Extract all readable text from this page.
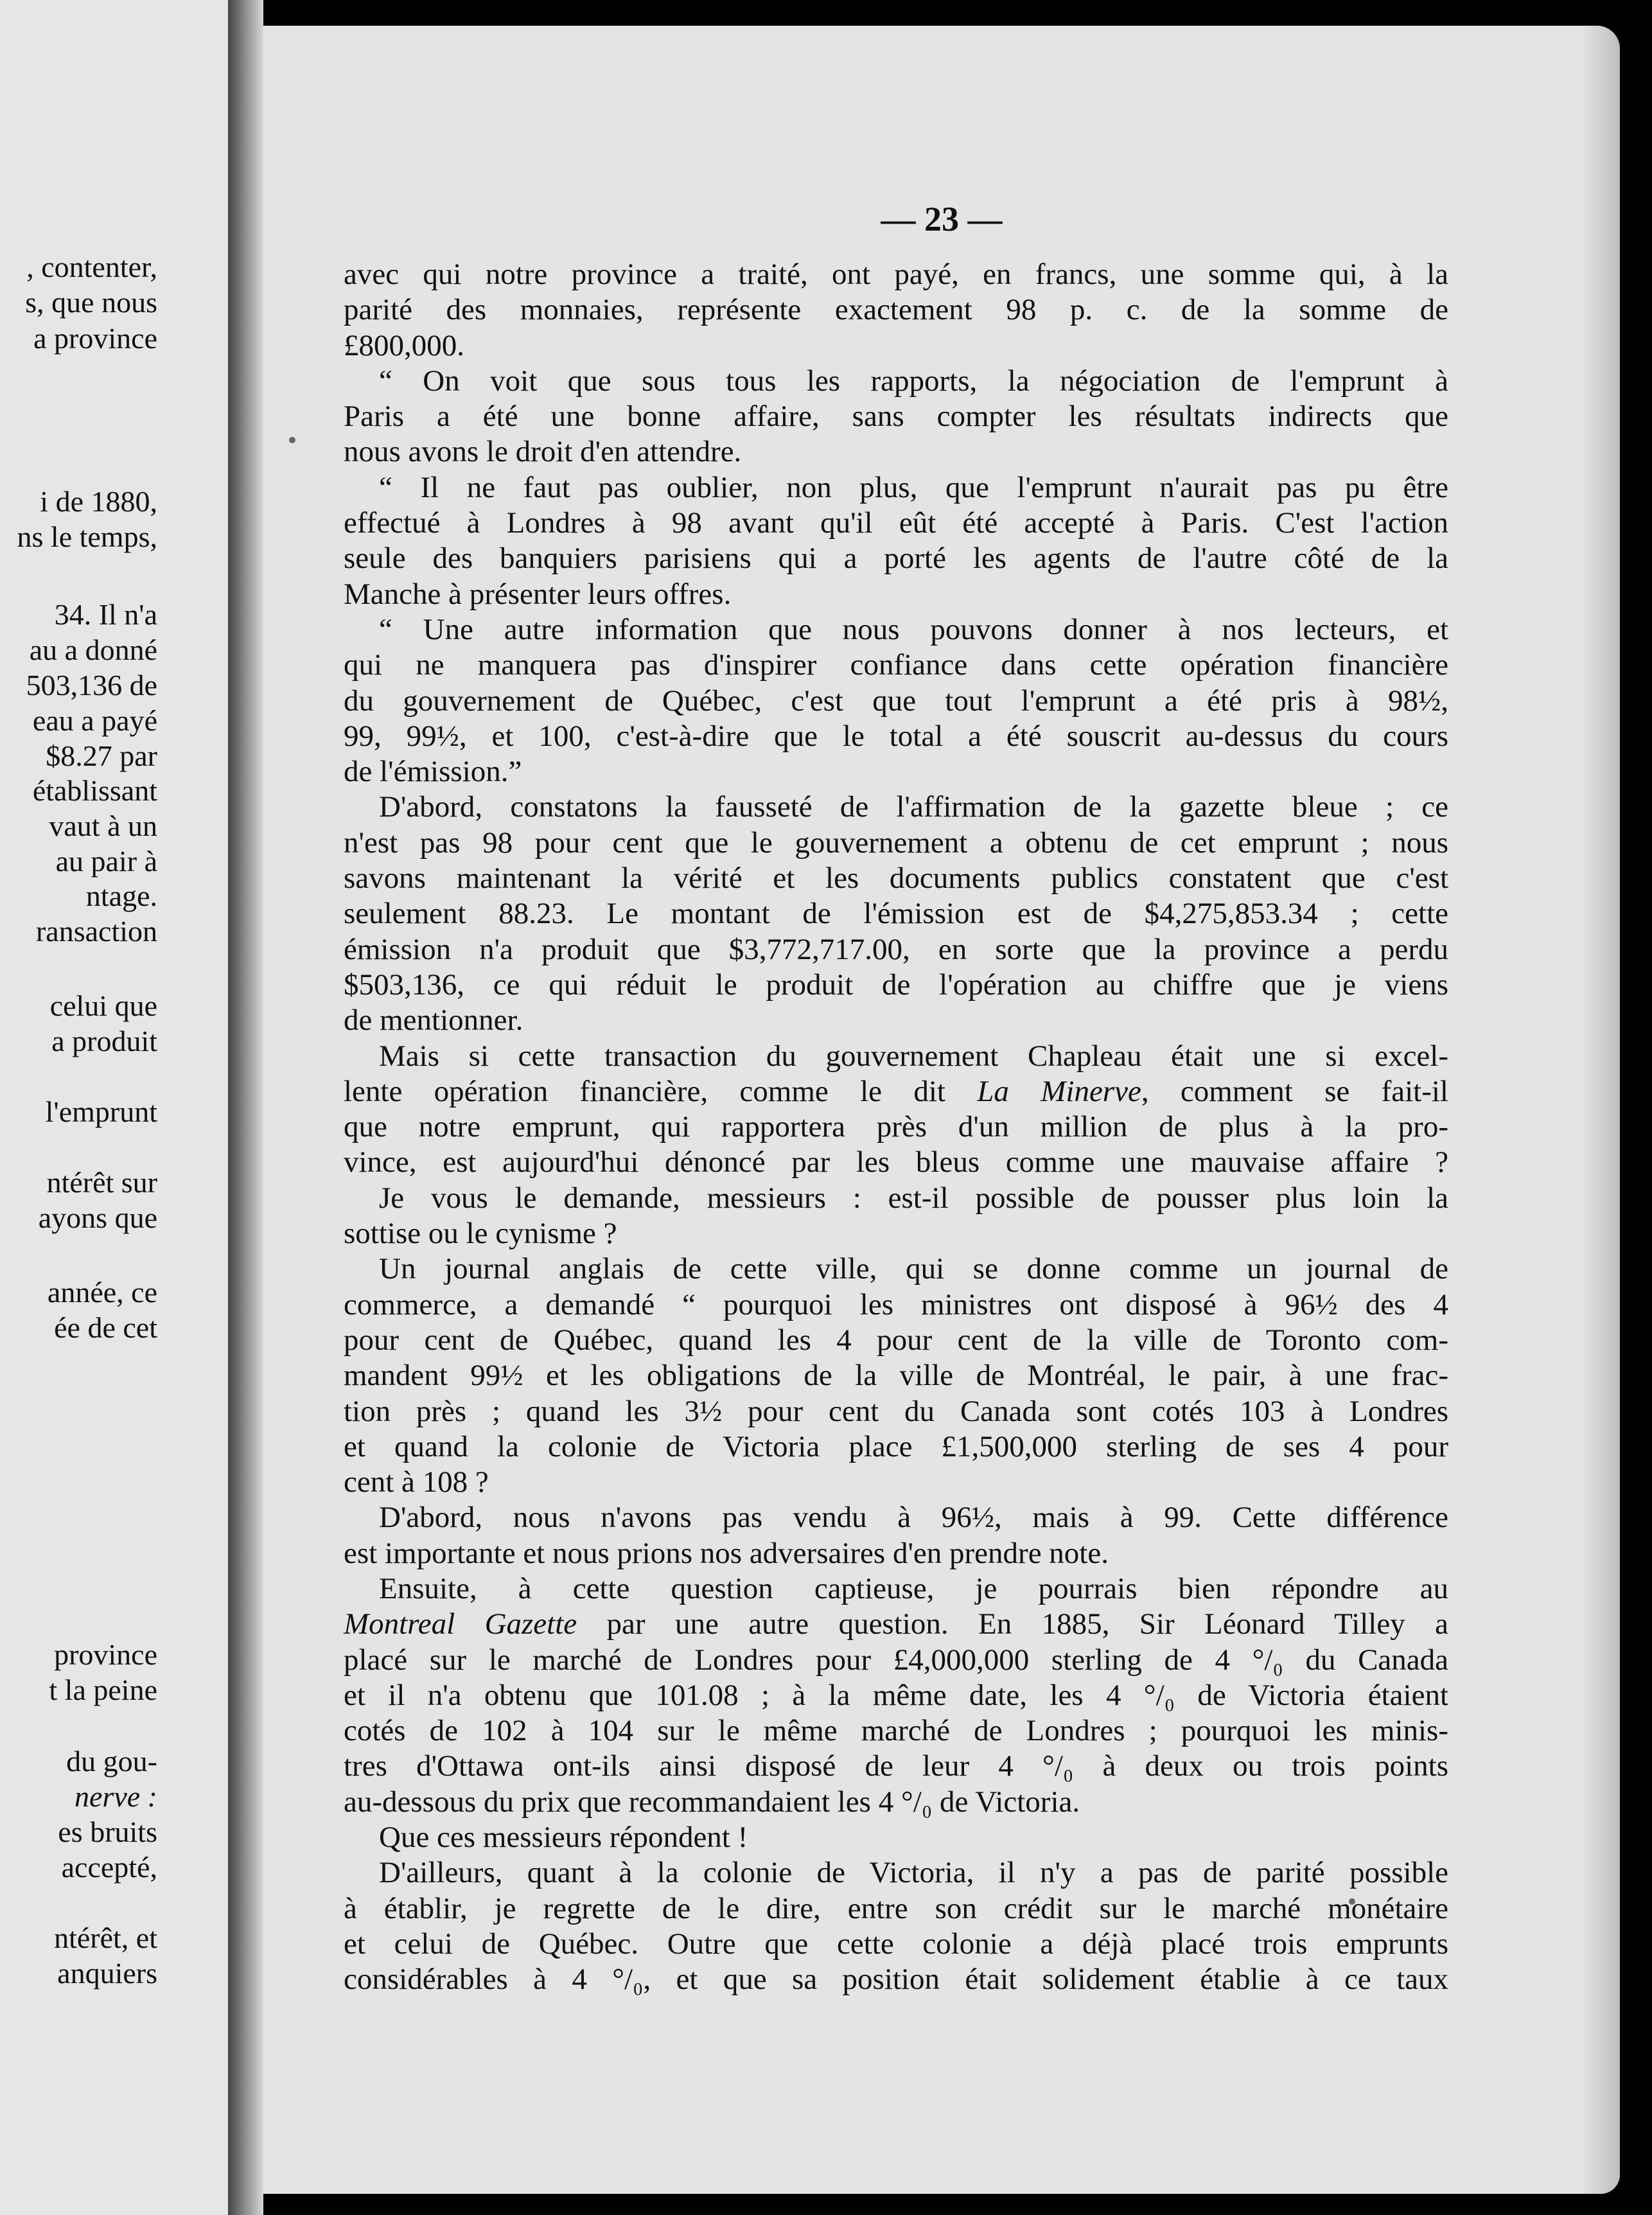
, contenter,
s, que nous
a province
i de 1880,
ns le temps,
34. Il n'a
au a donné
503,136 de
eau a payé
$8.27 par
établissant
vaut à un
au pair à
ntage.
ransaction
celui que
a produit
l'emprunt
ntérêt sur
ayons que
année, ce
ée de cet
province
t la peine
du gou-
nerve :
es bruits
accepté,
ntérêt, et
anquiers
— 23 —
avec qui notre province a traité, ont payé, en francs, une somme qui, à la
parité des monnaies, représente exactement 98 p. c. de la somme de
£800,000.
“ On voit que sous tous les rapports, la négociation de l'emprunt à
Paris a été une bonne affaire, sans compter les résultats indirects que
nous avons le droit d'en attendre.
“ Il ne faut pas oublier, non plus, que l'emprunt n'aurait pas pu être
effectué à Londres à 98 avant qu'il eût été accepté à Paris. C'est l'action
seule des banquiers parisiens qui a porté les agents de l'autre côté de la
Manche à présenter leurs offres.
“ Une autre information que nous pouvons donner à nos lecteurs, et
qui ne manquera pas d'inspirer confiance dans cette opération financière
du gouvernement de Québec, c'est que tout l'emprunt a été pris à 98½,
99, 99½, et 100, c'est-à-dire que le total a été souscrit au-dessus du cours
de l'émission.”
D'abord, constatons la fausseté de l'affirmation de la gazette bleue ; ce
n'est pas 98 pour cent que le gouvernement a obtenu de cet emprunt ; nous
savons maintenant la vérité et les documents publics constatent que c'est
seulement 88.23. Le montant de l'émission est de $4,275,853.34 ; cette
émission n'a produit que $3,772,717.00, en sorte que la province a perdu
$503,136, ce qui réduit le produit de l'opération au chiffre que je viens
de mentionner.
Mais si cette transaction du gouvernement Chapleau était une si excel-
lente opération financière, comme le dit La Minerve, comment se fait-il
que notre emprunt, qui rapportera près d'un million de plus à la pro-
vince, est aujourd'hui dénoncé par les bleus comme une mauvaise affaire ?
Je vous le demande, messieurs : est-il possible de pousser plus loin la
sottise ou le cynisme ?
Un journal anglais de cette ville, qui se donne comme un journal de
commerce, a demandé “ pourquoi les ministres ont disposé à 96½ des 4
pour cent de Québec, quand les 4 pour cent de la ville de Toronto com-
mandent 99½ et les obligations de la ville de Montréal, le pair, à une frac-
tion près ; quand les 3½ pour cent du Canada sont cotés 103 à Londres
et quand la colonie de Victoria place £1,500,000 sterling de ses 4 pour
cent à 108 ?
D'abord, nous n'avons pas vendu à 96½, mais à 99. Cette différence
est importante et nous prions nos adversaires d'en prendre note.
Ensuite, à cette question captieuse, je pourrais bien répondre au
Montreal Gazette par une autre question. En 1885, Sir Léonard Tilley a
placé sur le marché de Londres pour £4,000,000 sterling de 4 °/₀ du Canada
et il n'a obtenu que 101.08 ; à la même date, les 4 °/₀ de Victoria étaient
cotés de 102 à 104 sur le même marché de Londres ; pourquoi les minis-
tres d'Ottawa ont-ils ainsi disposé de leur 4 °/₀ à deux ou trois points
au-dessous du prix que recommandaient les 4 °/₀ de Victoria.
Que ces messieurs répondent !
D'ailleurs, quant à la colonie de Victoria, il n'y a pas de parité possible
à établir, je regrette de le dire, entre son crédit sur le marché monétaire
et celui de Québec. Outre que cette colonie a déjà placé trois emprunts
considérables à 4 °/₀, et que sa position était solidement établie à ce taux
